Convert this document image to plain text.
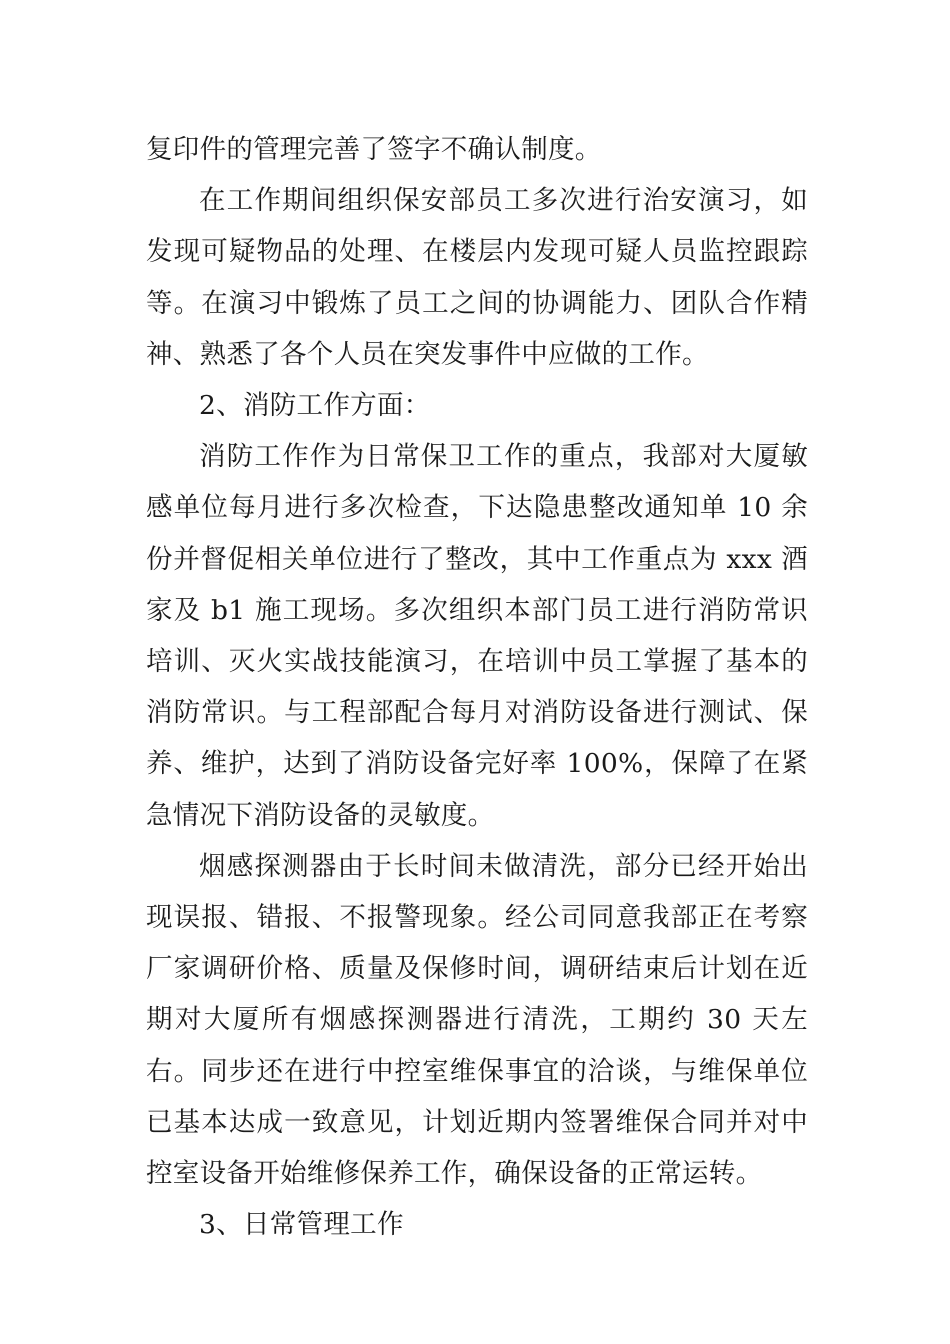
复印件的管理完善了签字不确认制度。

在工作期间组织保安部员工多次进行治安演习，如发现可疑物品的处理、在楼层内发现可疑人员监控跟踪等。在演习中锻炼了员工之间的协调能力、团队合作精神、熟悉了各个人员在突发事件中应做的工作。

2、消防工作方面：

消防工作作为日常保卫工作的重点，我部对大厦敏感单位每月进行多次检查，下达隐患整改通知单 10 余份并督促相关单位进行了整改，其中工作重点为 xxx 酒家及 b1 施工现场。多次组织本部门员工进行消防常识培训、灭火实战技能演习，在培训中员工掌握了基本的消防常识。与工程部配合每月对消防设备进行测试、保养、维护，达到了消防设备完好率 100%，保障了在紧急情况下消防设备的灵敏度。

烟感探测器由于长时间未做清洗，部分已经开始出现误报、错报、不报警现象。经公司同意我部正在考察厂家调研价格、质量及保修时间，调研结束后计划在近期对大厦所有烟感探测器进行清洗，工期约 30 天左右。同步还在进行中控室维保事宜的洽谈，与维保单位已基本达成一致意见，计划近期内签署维保合同并对中控室设备开始维修保养工作，确保设备的正常运转。

3、日常管理工作
